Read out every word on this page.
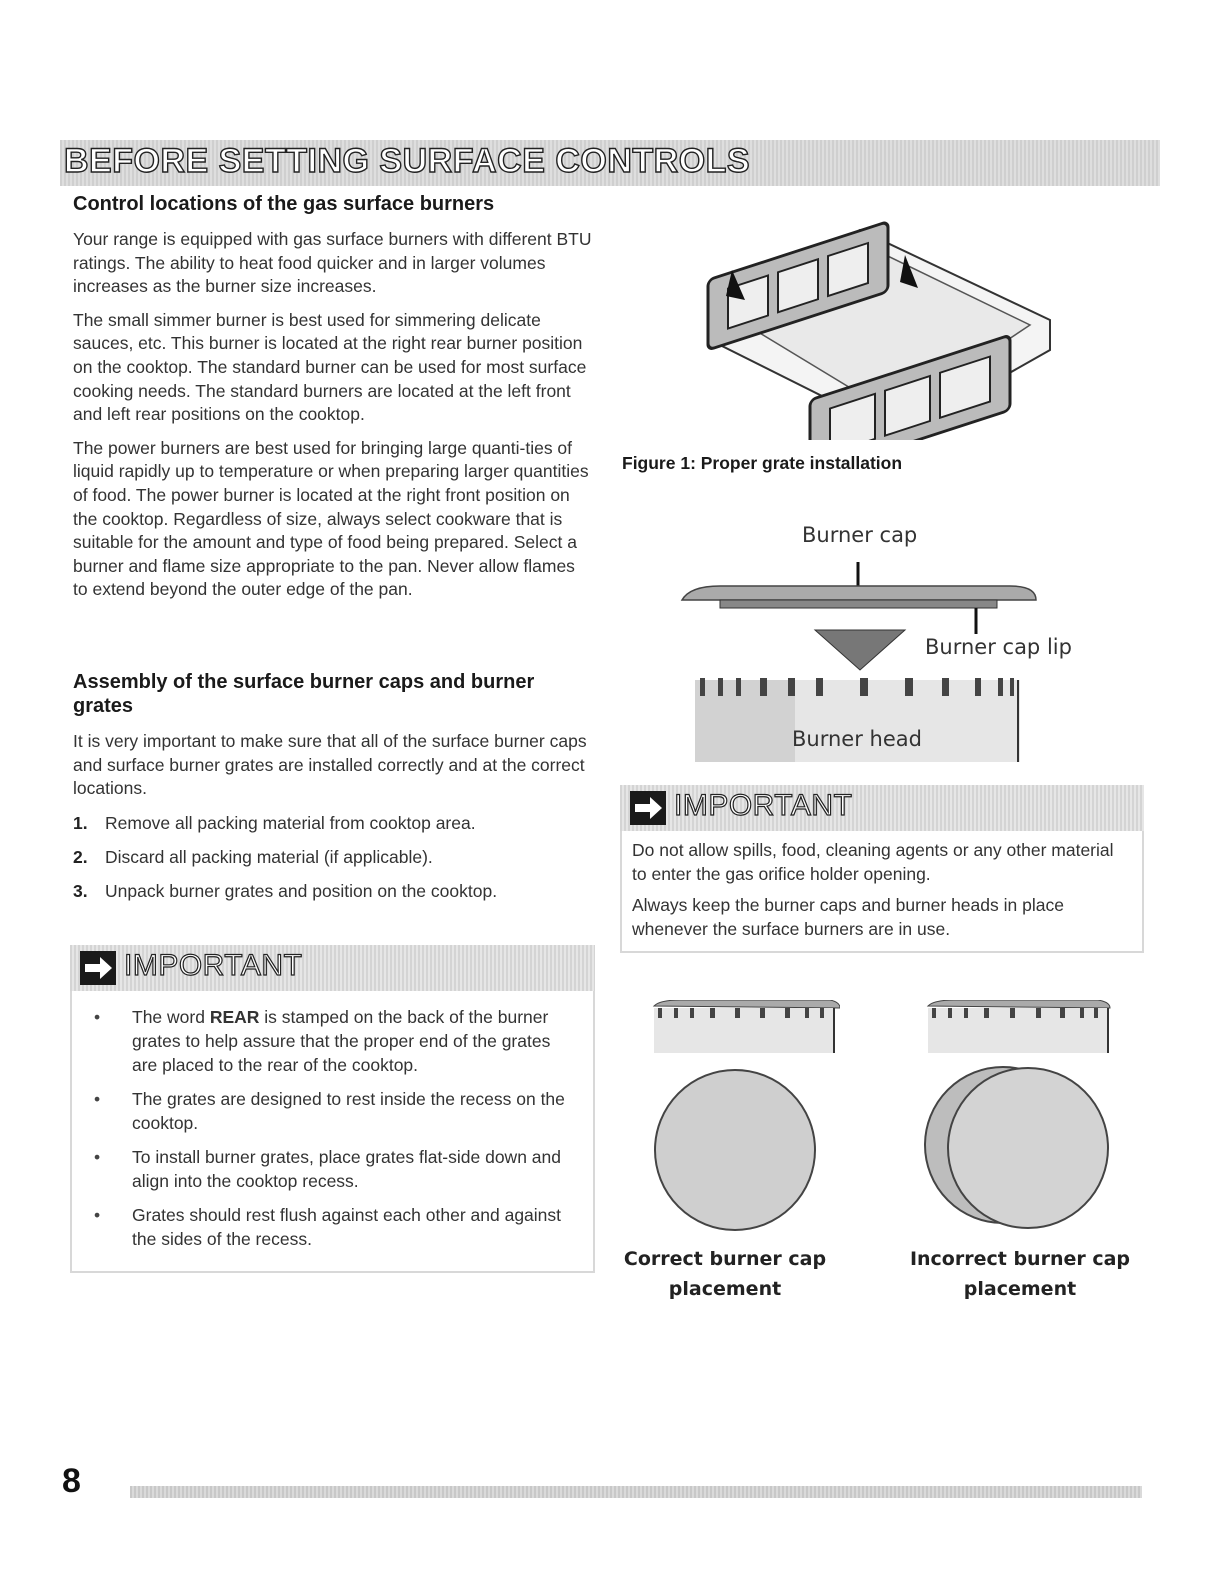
BEFORE SETTING SURFACE CONTROLS
Control locations of the gas surface burners

Your range is equipped with gas surface burners with different BTU ratings. The ability to heat food quicker and in larger volumes increases as the burner size increases.

The small simmer burner is best used for simmering delicate sauces, etc. This burner is located at the right rear burner position on the cooktop. The standard burner can be used for most surface cooking needs. The standard burners are located at the left front and left rear positions on the cooktop.

The power burners are best used for bringing large quanti-ties of liquid rapidly up to temperature or when preparing larger quantities of food. The power burner is located at the right front position on the cooktop. Regardless of size, always select cookware that is suitable for the amount and type of food being prepared. Select a burner and flame size appropriate to the pan. Never allow flames to extend beyond the outer edge of the pan.

Assembly of the surface burner caps and burner grates

It is very important to make sure that all of the surface burner caps and surface burner grates are installed correctly and at the correct locations.

1. Remove all packing material from cooktop area.
2. Discard all packing material (if applicable).
3. Unpack burner grates and position on the cooktop.
IMPORTANT
• The word REAR is stamped on the back of the burner grates to help assure that the proper end of the grates are placed to the rear of the cooktop.
• The grates are designed to rest inside the recess on the cooktop.
• To install burner grates, place grates flat-side down and align into the cooktop recess.
• Grates should rest flush against each other and against the sides of the recess.
Figure 1: Proper grate installation
Burner cap
Burner cap lip
Burner head
IMPORTANT

Do not allow spills, food, cleaning agents or any other material to enter the gas orifice holder opening.

Always keep the burner caps and burner heads in place whenever the surface burners are in use.

Correct burner cap
placement
Incorrect burner cap
placement
8
